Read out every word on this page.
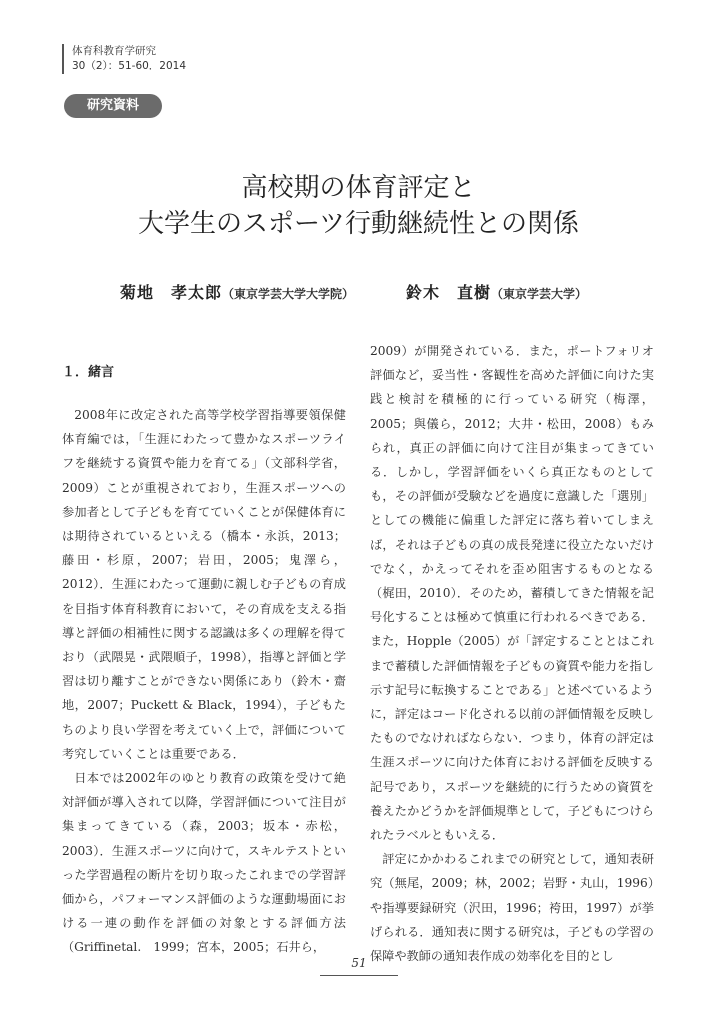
体育科教育学研究
30（2）：51-60．2014
研究資料
高校期の体育評定と
大学生のスポーツ行動継続性との関係
菊地　孝太郎（東京学芸大学大学院）	鈴木　直樹（東京学芸大学）
１．緒言

2008年に改定された高等学校学習指導要領保健体育編では，「生涯にわたって豊かなスポーツライフを継続する資質や能力を育てる」（文部科学省，2009）ことが重視されており，生涯スポーツへの参加者として子どもを育てていくことが保健体育には期待されているといえる（橋本・永浜，2013；藤田・杉原，2007；岩田，2005；鬼澤ら，2012）．生涯にわたって運動に親しむ子どもの育成を目指す体育科教育において，その育成を支える指導と評価の相補性に関する認識は多くの理解を得ており（武隈晃・武隈順子，1998），指導と評価と学習は切り離すことができない関係にあり（鈴木・齋地，2007；Puckett & Black，1994），子どもたちのより良い学習を考えていく上で，評価について考究していくことは重要である．

日本では2002年のゆとり教育の政策を受けて絶対評価が導入されて以降，学習評価について注目が集まってきている（森，2003；坂本・赤松，2003）．生涯スポーツに向けて，スキルテストといった学習過程の断片を切り取ったこれまでの学習評価から，パフォーマンス評価のような運動場面における一連の動作を評価の対象とする評価方法（Griffinetal.　1999；宮本，2005；石井ら，

2009）が開発されている．また，ポートフォリオ評価など，妥当性・客観性を高めた評価に向けた実践と検討を積極的に行っている研究（梅澤，2005；與儀ら，2012；大井・松田，2008）もみられ，真正の評価に向けて注目が集まってきている．しかし，学習評価をいくら真正なものとしても，その評価が受験などを過度に意識した「選別」としての機能に偏重した評定に落ち着いてしまえば，それは子どもの真の成長発達に役立たないだけでなく，かえってそれを歪め阻害するものとなる（梶田，2010）．そのため，蓄積してきた情報を記号化することは極めて慎重に行われるべきである．また，Hopple（2005）が「評定することとはこれまで蓄積した評価情報を子どもの資質や能力を指し示す記号に転換することである」と述べているように，評定はコード化される以前の評価情報を反映したものでなければならない．つまり，体育の評定は生涯スポーツに向けた体育における評価を反映する記号であり，スポーツを継続的に行うための資質を養えたかどうかを評価規準として，子どもにつけられたラベルともいえる．

評定にかかわるこれまでの研究として，通知表研究（無尾，2009；林，2002；岩野・丸山，1996）や指導要録研究（沢田，1996；袴田，1997）が挙げられる．通知表に関する研究は，子どもの学習の保障や教師の通知表作成の効率化を目的とし

51
